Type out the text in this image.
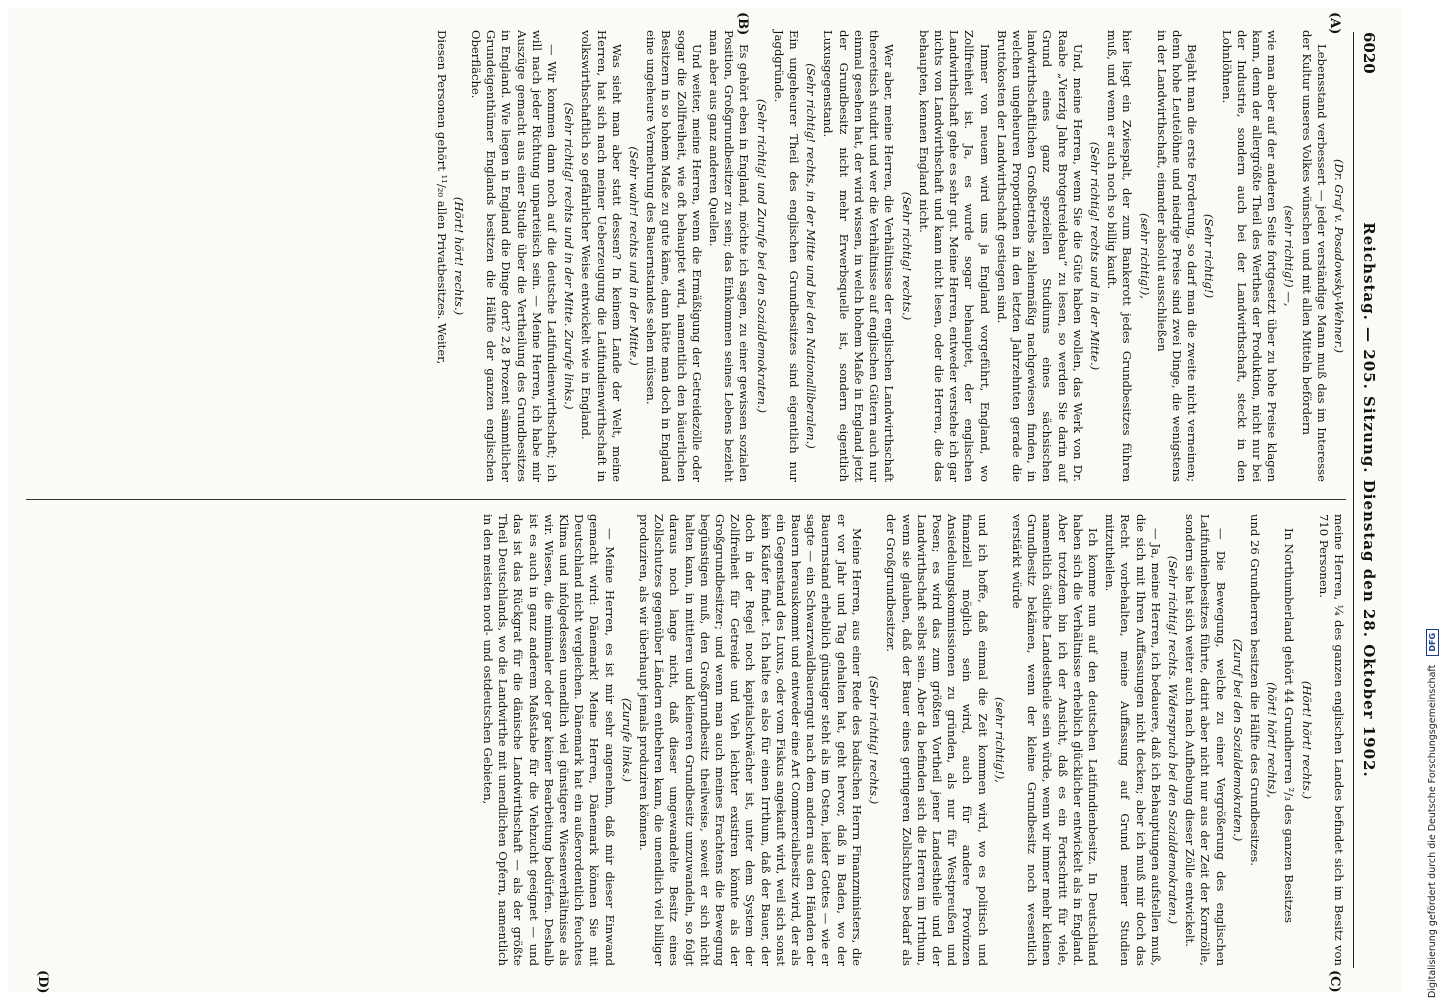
6020
Reichstag. — 205. Sitzung. Dienstag den 28. Oktober 1902.
(A)
(B)
(C)
(D)

(Dr. Graf v. Posadowsky-Wehner.)

Lebensstand verbessert — jeder verständige Mann muß das im Interesse der Kultur unseres Volkes wünschen und mit allen Mitteln befördern

(sehr richtig!) —,

wie man aber auf der anderen Seite fortgesetzt über zu hohe Preise klagen kann, denn der allergrößte Theil des Werthes der Produktion, nicht nur bei der Industrie, sondern auch bei der Landwirthschaft, steckt in den Lohnlöhnen.

(Sehr richtig!)

Bejaht man die erste Forderung, so darf man die zweite nicht verneinen; denn hohe Leutelöhne und niedrige Preise sind zwei Dinge, die wenigstens in der Landwirthschaft, einander absolut ausschließen

(sehr richtig!),

hier liegt ein Zwiespalt, der zum Bankerott jedes Grundbesitzes führen muß, und wenn er auch noch so billig kauft.

(Sehr richtig! rechts und in der Mitte.)

Und, meine Herren, wenn Sie die Güte haben wollen, das Werk von Dr. Raabe „Vierzig Jahre Brotgetreidebau“ zu lesen, so werden Sie darin auf Grund eines ganz speziellen Studiums eines sächsischen landwirthschaftlichen Großbetriebs zahlenmäßig nachgewiesen finden, in welchen ungeheuren Proportionen in den letzten Jahrzehnten gerade die Bruttokosten der Landwirthschaft gestiegen sind.

Immer von neuem wird uns ja England vorgeführt, England, wo Zollfreiheit ist. Ja, es wurde sogar behauptet, der englischen Landwirthschaft gehe es sehr gut. Meine Herren, entweder verstehe ich gar nichts von Landwirthschaft und kann nicht lesen, oder die Herren, die das behaupten, kennen England nicht.

(Sehr richtig! rechts.)

Wer aber, meine Herren, die Verhältnisse der englischen Landwirthschaft theoretisch studirt und wer die Verhältnisse auf englischen Gütern auch nur einmal gesehen hat, der wird wissen, in welch hohem Maße in England jetzt der Grundbesitz nicht mehr Erwerbsquelle ist, sondern eigentlich Luxusgegenstand.

(Sehr richtig! rechts, in der Mitte und bei den Nationalliberalen.)

Ein ungeheurer Theil des englischen Grundbesitzes sind eigentlich nur Jagdgründe.

(Sehr richtig! und Zurufe bei den Sozialdemokraten.)

Es gehört eben in England, möchte ich sagen, zu einer gewissen sozialen Position, Großgrundbesitzer zu sein; das Einkommen seines Lebens bezieht man aber aus ganz anderen Quellen.

Und weiter, meine Herren, wenn die Ermäßigung der Getreidezölle oder sogar die Zollfreiheit, wie oft behauptet wird, namentlich den bäuerlichen Besitzern in so hohem Maße zu gute käme, dann hätte man doch in England eine ungeheure Vermehrung des Bauernstandes sehen müssen.

(Sehr wahr! rechts und in der Mitte.)

Was sieht man aber statt dessen? In keinem Lande der Welt, meine Herren, hat sich nach meiner Ueberzeugung die Latifundienwirthschaft in volkswirthschaftlich so gefährlicher Weise entwickelt wie in England.

(Sehr richtig! rechts und in der Mitte. Zurufe links.)

— Wir kommen dann noch auf die deutsche Latifundienwirthschaft; ich will nach jeder Richtung unparteiisch sein. — Meine Herren, ich habe mir Auszüge gemacht aus einer Studie über die Vertheilung des Grundbesitzes in England. Wie liegen in England die Dinge dort? 2,8 Prozent sämmtlicher Grundeigenthümer Englands besitzen die Hälfte der ganzen englischen Oberfläche.

(Hört! hört! rechts.)

Diesen Personen gehört ¹¹/₂₀ allen Privatbesitzes. Weiter,

meine Herren, ¼ des ganzen englischen Landes befindet sich im Besitz von 710 Personen.

(Hört! hört! rechts.)

In Northumberland gehört 44 Grundherren ²/₃ des ganzen Besitzes

(hört! hört! rechts),

und 26 Grundherren besitzen die Hälfte des Grundbesitzes.

(Zuruf bei den Sozialdemokraten.)

— Die Bewegung, welche zu einer Vergrößerung des englischen Latifundienbesitzes führte, datirt aber nicht nur aus der Zeit der Kornzölle, sondern sie hat sich weiter auch nach Aufhebung dieser Zölle entwickelt.

(Sehr richtig! rechts. Widerspruch bei den Sozialdemokraten.)

— Ja, meine Herren, ich bedauere, daß ich Behauptungen aufstellen muß, die sich mit Ihren Auffassungen nicht decken; aber ich muß mir doch das Recht vorbehalten, meine Auffassung auf Grund meiner Studien mitzutheilen.

Ich komme nun auf den deutschen Latifundienbesitz. In Deutschland haben sich die Verhältnisse erheblich glücklicher entwickelt als in England. Aber trotzdem bin ich der Ansicht, daß es ein Fortschritt für viele, namentlich östliche Landestheile sein würde, wenn wir immer mehr kleinen Grundbesitz bekämen, wenn der kleine Grundbesitz noch wesentlich verstärkt würde

(sehr richtig!),

und ich hoffe, daß einmal die Zeit kommen wird, wo es politisch und finanziell möglich sein wird, auch für andere Provinzen Ansiedelungskommissionen zu gründen, als nur für Westpreußen und Posen; es wird das zum größten Vortheil jener Landestheile und der Landwirthschaft selbst sein. Aber da befinden sich die Herren im Irrthum, wenn sie glauben, daß der Bauer eines geringeren Zollschutzes bedarf als der Großgrundbesitzer.

(Sehr richtig! rechts.)

Meine Herren, aus einer Rede des badischen Herrn Finanzministers, die er vor Jahr und Tag gehalten hat, geht hervor, daß in Baden, wo der Bauernstand erheblich günstiger steht als im Osten, leider Gottes — wie er sagte — ein Schwarzwaldbauerngut nach dem andern aus den Händen der Bauern herauskommt und entweder eine Art Commercialbesitz wird, der als ein Gegenstand des Luxus, oder vom Fiskus angekauft wird, weil sich sonst kein Käufer findet. Ich halte es also für einen Irrthum, daß der Bauer, der doch in der Regel noch kapitalschwächer ist, unter dem System der Zollfreiheit für Getreide und Vieh leichter existiren könnte als der Großgrundbesitzer; und wenn man auch meines Erachtens die Bewegung begünstigen muß, den Großgrundbesitz theilweise, soweit er sich nicht halten kann, in mittleren und kleineren Grundbesitz umzuwandeln, so folgt daraus noch lange nicht, daß dieser umgewandelte Besitz eines Zollschutzes gegenüber Ländern entbehren kann, die unendlich viel billiger produziren, als wir überhaupt jemals produziren können.

(Zurufe links.)

— Meine Herren, es ist mir sehr angenehm, daß mir dieser Einwand gemacht wird: Dänemark! Meine Herren, Dänemark können Sie mit Deutschland nicht vergleichen. Dänemark hat ein außerordentlich feuchtes Klima und infolgedessen unendlich viel günstigere Wiesenverhältnisse als wir. Wiesen, die minimaler oder gar keiner Bearbeitung bedürfen. Deshalb ist es auch in ganz anderem Maßstabe für die Viehzucht geeignet — und das ist das Rückgrat für die dänische Landwirthschaft — als der größte Theil Deutschlands, wo die Landwirthe mit unendlichen Opfern, namentlich in den meisten nord- und ostdeutschen Gebieten,

Digitalisierung gefördert durch die Deutsche Forschungsgemeinschaft DFG
